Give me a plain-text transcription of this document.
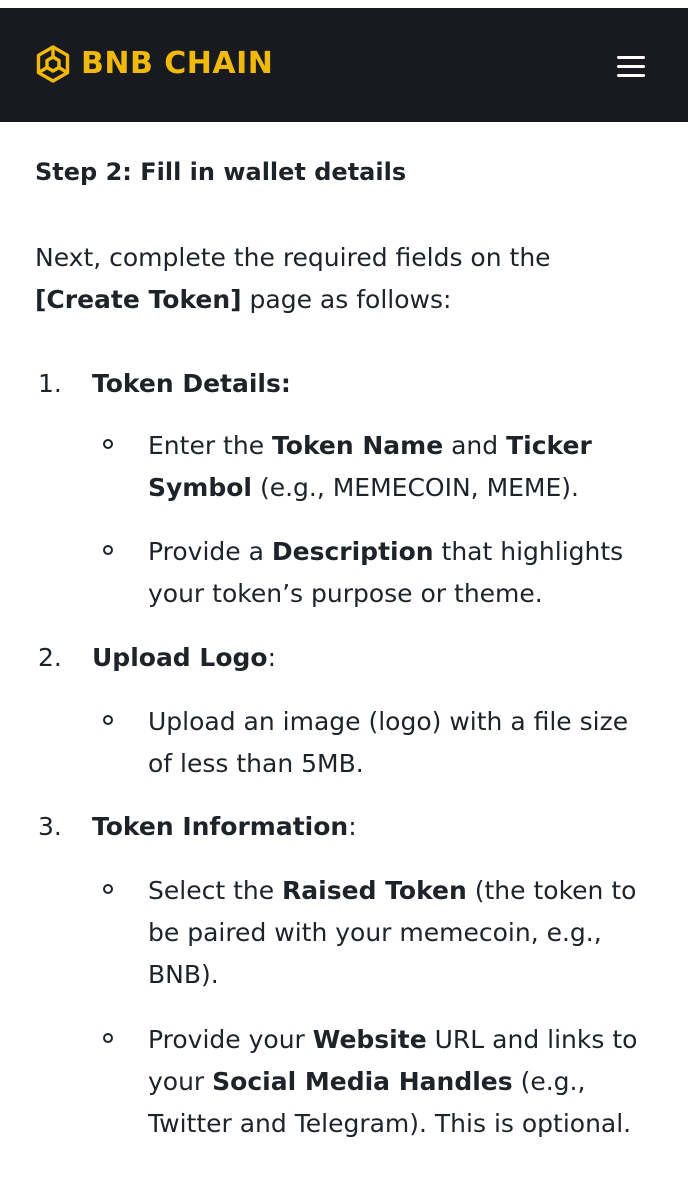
BNB CHAIN
Step 2: Fill in wallet details

Next, complete the required fields on the
[Create Token] page as follows:

1. Token Details:
Enter the Token Name and Ticker Symbol (e.g., MEMECOIN, MEME).
Provide a Description that highlights your token’s purpose or theme.
2. Upload Logo:
Upload an image (logo) with a file size of less than 5MB.
3. Token Information:
Select the Raised Token (the token to be paired with your memecoin, e.g., BNB).
Provide your Website URL and links to your Social Media Handles (e.g., Twitter and Telegram). This is optional.
